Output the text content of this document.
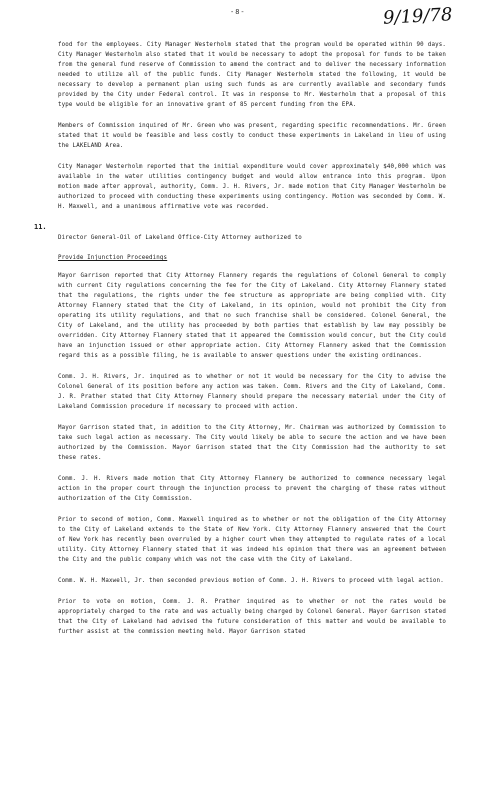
-8-	9/19/78

food for the employees. City Manager Westerholm stated that the program would be operated within 90 days. City Manager Westerholm also stated that it would be necessary to adopt the proposal for funds to be taken from the general fund reserve of Commission to amend the contract and to deliver the necessary information needed to utilize all of the public funds. City Manager Westerholm stated the following, it would be necessary to develop a permanent plan using such funds as are currently available and secondary funds provided by the City under Federal control. It was in response to Mr. Westerholm that a proposal of this type would be eligible for an innovative grant of 85 percent funding from the EPA.

Members of Commission inquired of Mr. Green who was present, regarding specific recommendations. Mr. Green stated that it would be feasible and less costly to conduct these experiments in Lakeland in lieu of using the LAKELAND Area.

City Manager Westerholm reported that the initial expenditure would cover approximately $40,000 which was available in the water utilities contingency budget and would allow entrance into this program. Upon motion made after approval, authority, Comm. J. H. Rivers, Jr. made motion that City Manager Westerholm be authorized to proceed with conducting these experiments using contingency. Motion was seconded by Comm. W. H. Maxwell, and a unanimous affirmative vote was recorded.

11.

Director General-Oil of Lakeland Office-City Attorney authorized to

Provide Injunction Proceedings

Mayor Garrison reported that City Attorney Flannery regards the regulations of Colonel General to comply with current City regulations concerning the fee for the City of Lakeland. City Attorney Flannery stated that the regulations, the rights under the fee structure as appropriate are being complied with. City Attorney Flannery stated that the City of Lakeland, in its opinion, would not prohibit the City from operating its utility regulations, and that no such franchise shall be considered. Colonel General, the City of Lakeland, and the utility has proceeded by both parties that establish by law may possibly be overridden. City Attorney Flannery stated that it appeared the Commission would concur, but the City could have an injunction issued or other appropriate action. City Attorney Flannery asked that the Commission regard this as a possible filing, he is available to answer questions under the existing ordinances.

Comm. J. H. Rivers, Jr. inquired as to whether or not it would be necessary for the City to advise the Colonel General of its position before any action was taken. Comm. Rivers and the City of Lakeland, Comm. J. R. Prather stated that City Attorney Flannery should prepare the necessary material under the City of Lakeland Commission procedure if necessary to proceed with action.

Mayor Garrison stated that, in addition to the City Attorney, Mr. Chairman was authorized by Commission to take such legal action as necessary. The City would likely be able to secure the action and we have been authorized by the Commission. Mayor Garrison stated that the City Commission had the authority to set these rates.

Comm. J. H. Rivers made motion that City Attorney Flannery be authorized to commence necessary legal action in the proper court through the injunction process to prevent the charging of these rates without authorization of the City Commission.

Prior to second of motion, Comm. Maxwell inquired as to whether or not the obligation of the City Attorney to the City of Lakeland extends to the State of New York. City Attorney Flannery answered that the Court of New York has recently been overruled by a higher court when they attempted to regulate rates of a local utility. City Attorney Flannery stated that it was indeed his opinion that there was an agreement between the City and the public company which was not the case with the City of Lakeland.

Comm. W. H. Maxwell, Jr. then seconded previous motion of Comm. J. H. Rivers to proceed with legal action.

Prior to vote on motion, Comm. J. R. Prather inquired as to whether or not the rates would be appropriately charged to the rate and was actually being charged by Colonel General. Mayor Garrison stated that the City of Lakeland had advised the future consideration of this matter and would be available to further assist at the commission meeting held. Mayor Garrison stated
